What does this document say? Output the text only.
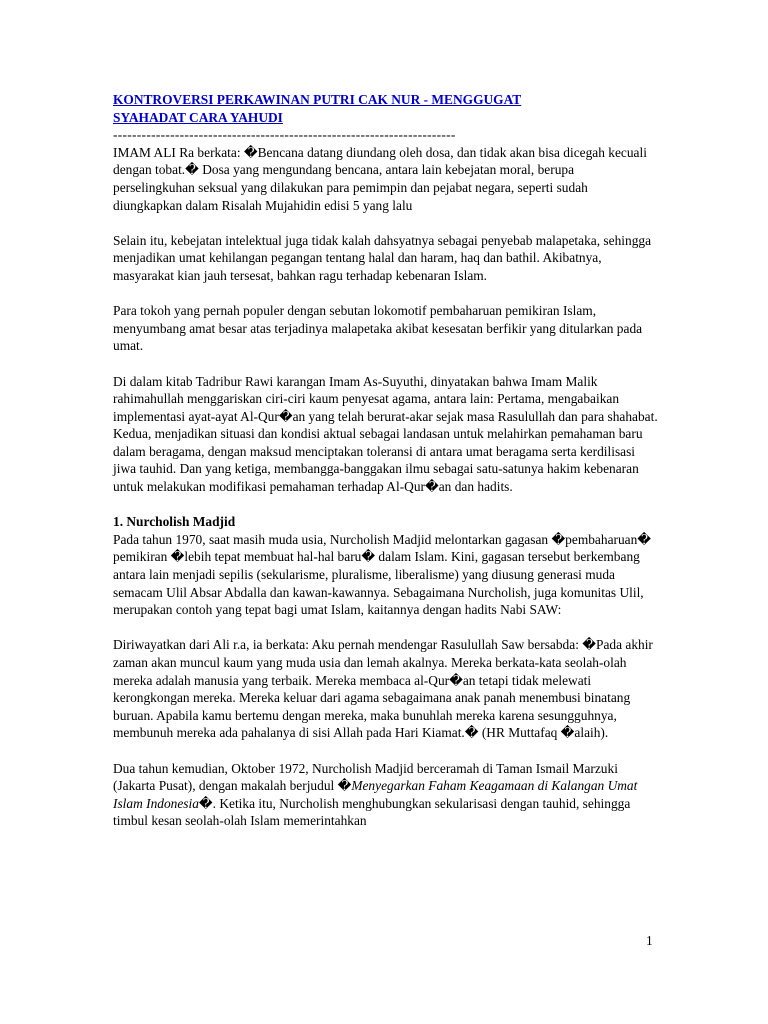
KONTROVERSI PERKAWINAN PUTRI CAK NUR - MENGGUGAT SYAHADAT CARA YAHUDI
------------------------------------------------------------------------

IMAM ALI Ra berkata: �Bencana datang diundang oleh dosa, dan tidak akan bisa dicegah kecuali dengan tobat.� Dosa yang mengundang bencana, antara lain kebejatan moral, berupa perselingkuhan seksual yang dilakukan para pemimpin dan pejabat negara, seperti sudah diungkapkan dalam Risalah Mujahidin edisi 5 yang lalu

Selain itu, kebejatan intelektual juga tidak kalah dahsyatnya sebagai penyebab malapetaka, sehingga menjadikan umat kehilangan pegangan tentang halal dan haram, haq dan bathil. Akibatnya, masyarakat kian jauh tersesat, bahkan ragu terhadap kebenaran Islam.

Para tokoh yang pernah populer dengan sebutan lokomotif pembaharuan pemikiran Islam, menyumbang amat besar atas terjadinya malapetaka akibat kesesatan berfikir yang ditularkan pada umat.

Di dalam kitab Tadribur Rawi karangan Imam As-Suyuthi, dinyatakan bahwa Imam Malik rahimahullah menggariskan ciri-ciri kaum penyesat agama, antara lain: Pertama, mengabaikan implementasi ayat-ayat Al-Qur�an yang telah berurat-akar sejak masa Rasulullah dan para shahabat. Kedua, menjadikan situasi dan kondisi aktual sebagai landasan untuk melahirkan pemahaman baru dalam beragama, dengan maksud menciptakan toleransi di antara umat beragama serta kerdilisasi jiwa tauhid. Dan yang ketiga, membangga-banggakan ilmu sebagai satu-satunya hakim kebenaran untuk melakukan modifikasi pemahaman terhadap Al-Qur�an dan hadits.

1. Nurcholish Madjid

Pada tahun 1970, saat masih muda usia, Nurcholish Madjid melontarkan gagasan �pembaharuan� pemikiran �lebih tepat membuat hal-hal baru� dalam Islam. Kini, gagasan tersebut berkembang antara lain menjadi sepilis (sekularisme, pluralisme, liberalisme) yang diusung generasi muda semacam Ulil Absar Abdalla dan kawan-kawannya. Sebagaimana Nurcholish, juga komunitas Ulil, merupakan contoh yang tepat bagi umat Islam, kaitannya dengan hadits Nabi SAW:

Diriwayatkan dari Ali r.a, ia berkata: Aku pernah mendengar Rasulullah Saw bersabda: �Pada akhir zaman akan muncul kaum yang muda usia dan lemah akalnya. Mereka berkata-kata seolah-olah mereka adalah manusia yang terbaik. Mereka membaca al-Qur�an tetapi tidak melewati kerongkongan mereka. Mereka keluar dari agama sebagaimana anak panah menembusi binatang buruan. Apabila kamu bertemu dengan mereka, maka bunuhlah mereka karena sesungguhnya, membunuh mereka ada pahalanya di sisi Allah pada Hari Kiamat.� (HR Muttafaq �alaih).

Dua tahun kemudian, Oktober 1972, Nurcholish Madjid berceramah di Taman Ismail Marzuki (Jakarta Pusat), dengan makalah berjudul �Menyegarkan Faham Keagamaan di Kalangan Umat Islam Indonesia�. Ketika itu, Nurcholish menghubungkan sekularisasi dengan tauhid, sehingga timbul kesan seolah-olah Islam memerintahkan

1
